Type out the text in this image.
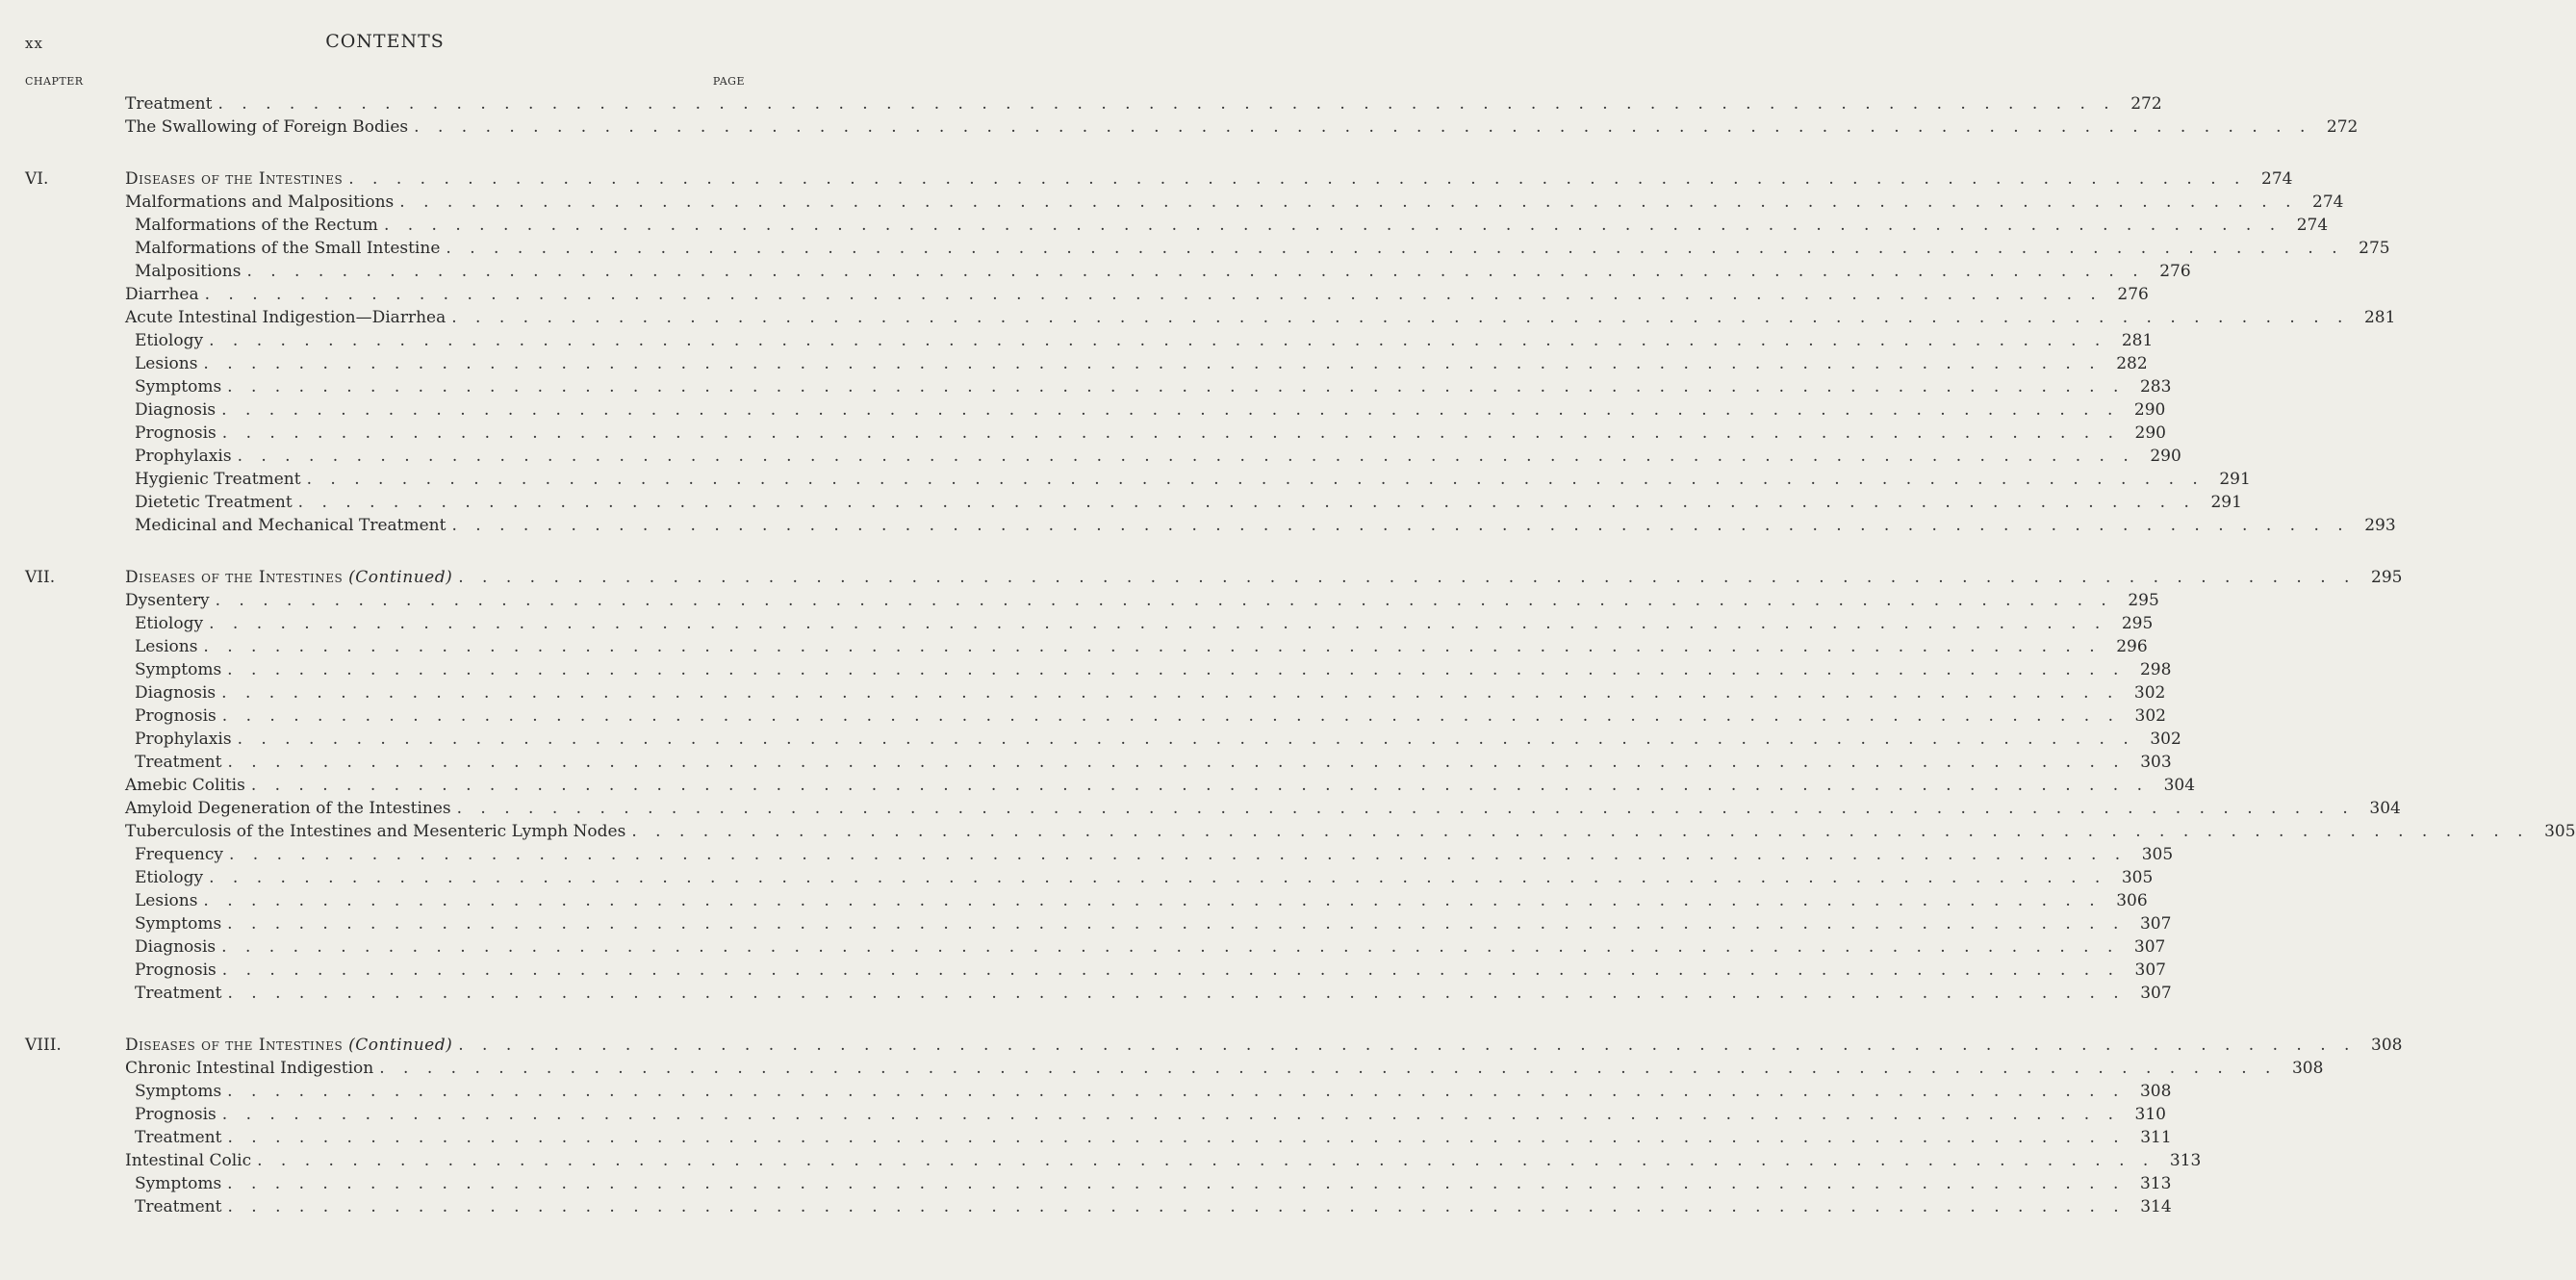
xx	CONTENTS
CHAPTER	PAGE
Treatment . . . . . . . . . . . . . . . . . . . . . . . . . . . . . . . . . . . . . . . . . . . . . . . . . . . . . . . . . . . . . . . . . . . . . . . . . . . . . . . . 272
The Swallowing of Foreign Bodies . . . . . . . . . . . . . . . . . . . . . . . . . . . . . . . . . . . . . . . . . . . . . . . . . . . . . . . . . . . . . . . . . . . . . . . . . . . . . . . . 272
VI.	Diseases of the Intestines . . . . . . . . . . . . . . . . . . . . . . . . . . . . . . . . . . . . . . . . . . . . . . . . . . . . . . . . . . . . . . . . . . . . . . . . . . . . . . . . 274
Malformations and Malpositions . . . . . . . . . . . . . . . . . . . . . . . . . . . . . . . . . . . . . . . . . . . . . . . . . . . . . . . . . . . . . . . . . . . . . . . . . . . . . . . . 274
Malformations of the Rectum . . . . . . . . . . . . . . . . . . . . . . . . . . . . . . . . . . . . . . . . . . . . . . . . . . . . . . . . . . . . . . . . . . . . . . . . . . . . . . . . 274
Malformations of the Small Intestine . . . . . . . . . . . . . . . . . . . . . . . . . . . . . . . . . . . . . . . . . . . . . . . . . . . . . . . . . . . . . . . . . . . . . . . . . . . . . . . . 275
Malpositions . . . . . . . . . . . . . . . . . . . . . . . . . . . . . . . . . . . . . . . . . . . . . . . . . . . . . . . . . . . . . . . . . . . . . . . . . . . . . . . . 276
Diarrhea . . . . . . . . . . . . . . . . . . . . . . . . . . . . . . . . . . . . . . . . . . . . . . . . . . . . . . . . . . . . . . . . . . . . . . . . . . . . . . . . 276
Acute Intestinal Indigestion—Diarrhea . . . . . . . . . . . . . . . . . . . . . . . . . . . . . . . . . . . . . . . . . . . . . . . . . . . . . . . . . . . . . . . . . . . . . . . . . . . . . . . . 281
Etiology . . . . . . . . . . . . . . . . . . . . . . . . . . . . . . . . . . . . . . . . . . . . . . . . . . . . . . . . . . . . . . . . . . . . . . . . . . . . . . . . 281
Lesions . . . . . . . . . . . . . . . . . . . . . . . . . . . . . . . . . . . . . . . . . . . . . . . . . . . . . . . . . . . . . . . . . . . . . . . . . . . . . . . . 282
Symptoms . . . . . . . . . . . . . . . . . . . . . . . . . . . . . . . . . . . . . . . . . . . . . . . . . . . . . . . . . . . . . . . . . . . . . . . . . . . . . . . . 283
Diagnosis . . . . . . . . . . . . . . . . . . . . . . . . . . . . . . . . . . . . . . . . . . . . . . . . . . . . . . . . . . . . . . . . . . . . . . . . . . . . . . . . 290
Prognosis . . . . . . . . . . . . . . . . . . . . . . . . . . . . . . . . . . . . . . . . . . . . . . . . . . . . . . . . . . . . . . . . . . . . . . . . . . . . . . . . 290
Prophylaxis . . . . . . . . . . . . . . . . . . . . . . . . . . . . . . . . . . . . . . . . . . . . . . . . . . . . . . . . . . . . . . . . . . . . . . . . . . . . . . . . 290
Hygienic Treatment . . . . . . . . . . . . . . . . . . . . . . . . . . . . . . . . . . . . . . . . . . . . . . . . . . . . . . . . . . . . . . . . . . . . . . . . . . . . . . . . 291
Dietetic Treatment . . . . . . . . . . . . . . . . . . . . . . . . . . . . . . . . . . . . . . . . . . . . . . . . . . . . . . . . . . . . . . . . . . . . . . . . . . . . . . . . 291
Medicinal and Mechanical Treatment . . . . . . . . . . . . . . . . . . . . . . . . . . . . . . . . . . . . . . . . . . . . . . . . . . . . . . . . . . . . . . . . . . . . . . . . . . . . . . . . 293
VII.	Diseases of the Intestines (Continued) . . . . . . . . . . . . . . . . . . . . . . . . . . . . . . . . . . . . . . . . . . . . . . . . . . . . . . . . . . . . . . . . . . . . . . . . . . . . . . . . 295
Dysentery . . . . . . . . . . . . . . . . . . . . . . . . . . . . . . . . . . . . . . . . . . . . . . . . . . . . . . . . . . . . . . . . . . . . . . . . . . . . . . . . 295
Etiology . . . . . . . . . . . . . . . . . . . . . . . . . . . . . . . . . . . . . . . . . . . . . . . . . . . . . . . . . . . . . . . . . . . . . . . . . . . . . . . . 295
Lesions . . . . . . . . . . . . . . . . . . . . . . . . . . . . . . . . . . . . . . . . . . . . . . . . . . . . . . . . . . . . . . . . . . . . . . . . . . . . . . . . 296
Symptoms . . . . . . . . . . . . . . . . . . . . . . . . . . . . . . . . . . . . . . . . . . . . . . . . . . . . . . . . . . . . . . . . . . . . . . . . . . . . . . . . 298
Diagnosis . . . . . . . . . . . . . . . . . . . . . . . . . . . . . . . . . . . . . . . . . . . . . . . . . . . . . . . . . . . . . . . . . . . . . . . . . . . . . . . . 302
Prognosis . . . . . . . . . . . . . . . . . . . . . . . . . . . . . . . . . . . . . . . . . . . . . . . . . . . . . . . . . . . . . . . . . . . . . . . . . . . . . . . . 302
Prophylaxis . . . . . . . . . . . . . . . . . . . . . . . . . . . . . . . . . . . . . . . . . . . . . . . . . . . . . . . . . . . . . . . . . . . . . . . . . . . . . . . . 302
Treatment . . . . . . . . . . . . . . . . . . . . . . . . . . . . . . . . . . . . . . . . . . . . . . . . . . . . . . . . . . . . . . . . . . . . . . . . . . . . . . . . 303
Amebic Colitis . . . . . . . . . . . . . . . . . . . . . . . . . . . . . . . . . . . . . . . . . . . . . . . . . . . . . . . . . . . . . . . . . . . . . . . . . . . . . . . . 304
Amyloid Degeneration of the Intestines . . . . . . . . . . . . . . . . . . . . . . . . . . . . . . . . . . . . . . . . . . . . . . . . . . . . . . . . . . . . . . . . . . . . . . . . . . . . . . . . 304
Tuberculosis of the Intestines and Mesenteric Lymph Nodes . . . . . . . . . . . . . . . . . . . . . . . . . . . . . . . . . . . . . . . . . . . . . . . . . . . . . . . . . . . . . . . . . . . . . . . . . . . . . . . . 305
Frequency . . . . . . . . . . . . . . . . . . . . . . . . . . . . . . . . . . . . . . . . . . . . . . . . . . . . . . . . . . . . . . . . . . . . . . . . . . . . . . . . 305
Etiology . . . . . . . . . . . . . . . . . . . . . . . . . . . . . . . . . . . . . . . . . . . . . . . . . . . . . . . . . . . . . . . . . . . . . . . . . . . . . . . . 305
Lesions . . . . . . . . . . . . . . . . . . . . . . . . . . . . . . . . . . . . . . . . . . . . . . . . . . . . . . . . . . . . . . . . . . . . . . . . . . . . . . . . 306
Symptoms . . . . . . . . . . . . . . . . . . . . . . . . . . . . . . . . . . . . . . . . . . . . . . . . . . . . . . . . . . . . . . . . . . . . . . . . . . . . . . . . 307
Diagnosis . . . . . . . . . . . . . . . . . . . . . . . . . . . . . . . . . . . . . . . . . . . . . . . . . . . . . . . . . . . . . . . . . . . . . . . . . . . . . . . . 307
Prognosis . . . . . . . . . . . . . . . . . . . . . . . . . . . . . . . . . . . . . . . . . . . . . . . . . . . . . . . . . . . . . . . . . . . . . . . . . . . . . . . . 307
Treatment . . . . . . . . . . . . . . . . . . . . . . . . . . . . . . . . . . . . . . . . . . . . . . . . . . . . . . . . . . . . . . . . . . . . . . . . . . . . . . . . 307
VIII.	Diseases of the Intestines (Continued) . . . . . . . . . . . . . . . . . . . . . . . . . . . . . . . . . . . . . . . . . . . . . . . . . . . . . . . . . . . . . . . . . . . . . . . . . . . . . . . . 308
Chronic Intestinal Indigestion . . . . . . . . . . . . . . . . . . . . . . . . . . . . . . . . . . . . . . . . . . . . . . . . . . . . . . . . . . . . . . . . . . . . . . . . . . . . . . . . 308
Symptoms . . . . . . . . . . . . . . . . . . . . . . . . . . . . . . . . . . . . . . . . . . . . . . . . . . . . . . . . . . . . . . . . . . . . . . . . . . . . . . . . 308
Prognosis . . . . . . . . . . . . . . . . . . . . . . . . . . . . . . . . . . . . . . . . . . . . . . . . . . . . . . . . . . . . . . . . . . . . . . . . . . . . . . . . 310
Treatment . . . . . . . . . . . . . . . . . . . . . . . . . . . . . . . . . . . . . . . . . . . . . . . . . . . . . . . . . . . . . . . . . . . . . . . . . . . . . . . . 311
Intestinal Colic . . . . . . . . . . . . . . . . . . . . . . . . . . . . . . . . . . . . . . . . . . . . . . . . . . . . . . . . . . . . . . . . . . . . . . . . . . . . . . . . 313
Symptoms . . . . . . . . . . . . . . . . . . . . . . . . . . . . . . . . . . . . . . . . . . . . . . . . . . . . . . . . . . . . . . . . . . . . . . . . . . . . . . . . 313
Treatment . . . . . . . . . . . . . . . . . . . . . . . . . . . . . . . . . . . . . . . . . . . . . . . . . . . . . . . . . . . . . . . . . . . . . . . . . . . . . . . . 314
